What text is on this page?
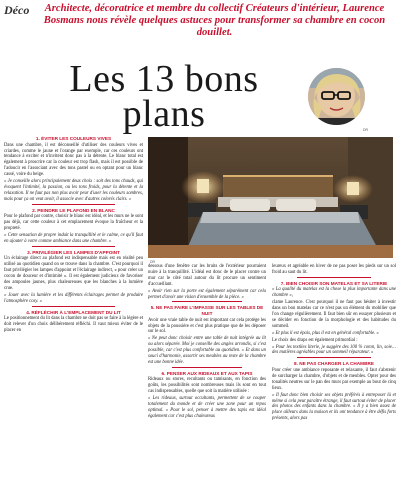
Déco Architecte, décoratrice et membre du collectif Créateurs d'intérieur, Laurence Bosmans nous révèle quelques astuces pour transformer sa chambre en cocon douillet.
Les 13 bons
plans	DR
DR
1. ÉVITER LES COULEURS VIVES

Dans une chambre, il est déconseillé d'utiliser des couleurs vives et criardes, comme le jaune et l'orange par exemple, car ces couleurs ont tendance à exciter et n'invitent donc pas à la détente. Le blanc total est également à proscrire car la couleur est trop flash, mais il est possible de l'adoucir en l'associant avec des tons pastel ou en optant pour un blanc cassé, voire du beige.

« Je conseille alors principalement deux choix : soit des tons chauds, qui évoquent l'intimité, la passion, ou les tons froids, pour la détente et la relaxation. Il ne faut pas non plus avoir peur d'user les couleurs sombres, mais pour ça on veut avoir, il associe avec d'autres colorés clairs. »

2. PEINDRE LE PLAFOND EN BLANC

Pour le plafond par contre, choisir le blanc est idéal, et les murs ne le sont pas déjà, car cette couleur à cet emplacement évoque la fraîcheur et la propreté.

« Cette sensation de propre induit la tranquillité et le calme, ce qu'il faut en ajouter à votre comme ambiance dans une chambre. »

3. PRIVILÉGIER LES LAMPES D'APPOINT

Un éclairage direct au plafond est indispensable mais est en réalité peu utilisé au quotidien quand on se trouve dans la chambre. C'est pourquoi il faut privilégier les lampes d'appoint et l'éclairage indirect, « pour créer un cocon de douceur et d'intimité ». Il est également judicieux de favoriser des ampoules jaunes, plus chaleureuses que les blanches à la lumière crue.

« Jouer avec la lumière et les différents éclairages permet de produire l'atmosphère cosy. »

4. RÉFLÉCHIR À L'EMPLACEMENT DU LIT

Le positionnement du lit dans la chambre ne doit pas se faire à la légère et doit relever d'un choix délibérement réfléchi. Il vaut mieux éviter de le placer en

dessous d'une fenêtre car les bruits de l'extérieur pourraient nuire à la tranquillité. L'idéal est donc de le placer contre un mur car le côté total autour du lit procure un sentiment d'accueillant.

« Avoir rien sur la porte est également séparément car cela permet d'avoir une vision d'ensemble de la pièce. »

5. NE PAS FAIRE L'IMPASSE SUR LES TABLES DE NUIT

Avoir une vraie table de nuit est important car cela protège les objets de la poussière et c'est plus pratique que de les déposer sur le sol.

« Ne peut donc choisir entre une table de nuit intégrée au lit ou alors séparée. Moi je conseille des angles arrondis, si c'est possible, car c'est plus confortable au quotidien. » Et dans un souci d'harmonie, assortir ses meubles au reste de la chambre est une bonne idée.

6. PENSER AUX RIDEAUX ET AUX TAPIS

Rideaux ou stores, recultants ou tamisants, en fonction des goûts, les possibilités sont nombreuses mais ils sont en tout cas indispensables, quelle que soit la matière utilisée :

« Les rideaux, surtout occultants, permettent de se couper totalement du monde et de créer une zone pour un repos optimal. » Pour le sol, penser à mettre des tapis est idéal également car c'est plus chaleureux

leureux et agréable en hiver de ne pas poser les pieds sur un sol froid au saut du lit.

7. BIEN CHOISIR SON MATELAS ET SA LITERIE

« La qualité du matelas est la chose la plus importante dans une chambre »,

clame Laurence. C'est pourquoi il ne faut pas hésiter à investir dans un bon matelas car ce n'est pas un élément du mobilier que l'on change régulièrement. Il faut bien sûr en essayer plusieurs et se décider en fonction de la morphologie et des habitudes du sommeil.

« Et plus il est épais, plus il est en général confortable. »

Le choix des draps est également primordial :

« Pour les textiles literie, je suggère des 100 % coton, lin, soie… des matières agréables pour un sommeil réparateur. »

8. NE PAS CHARGER LA CHAMBRE

Pour créer une ambiance reposante et relaxante, il faut s'abstenir de surcharger la chambre, d'objets et de meubles. Opter pour des tonalités neutres sur le pan des murs par exemple au bout de cinq lieux.

« Il faut donc bien choisir ses objets préférés à entreposer là et même si cela peut paraître étrange, il faut surtout éviter de placer des photos des enfants dans la chambre. » Il y a bien assez de place ailleurs dans la maison et ils ont tendance à être défis forts présents, alors pas
